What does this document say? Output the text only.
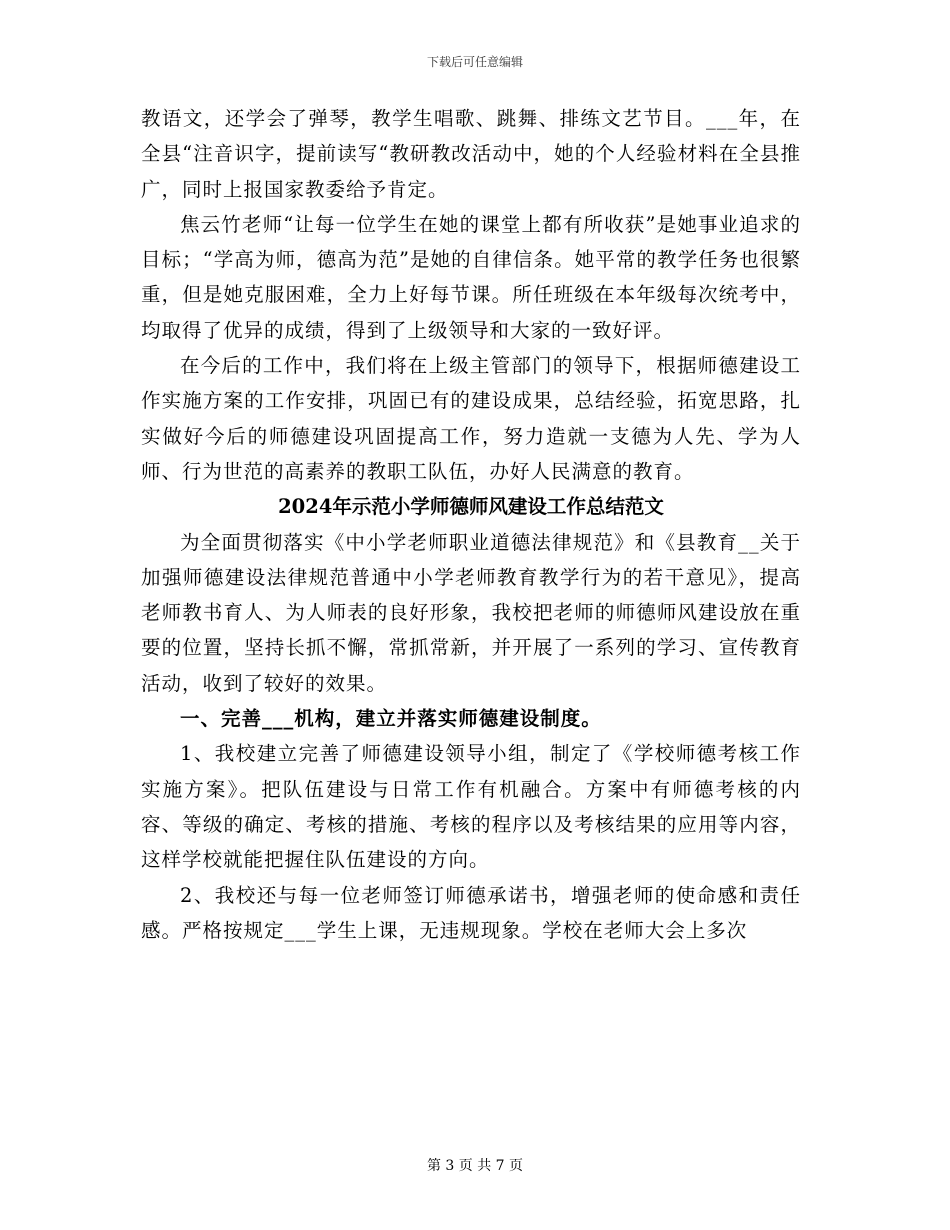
下载后可任意编辑

教语文，还学会了弹琴，教学生唱歌、跳舞、排练文艺节目。___年，在全县“注音识字，提前读写“教研教改活动中，她的个人经验材料在全县推广，同时上报国家教委给予肯定。

焦云竹老师“让每一位学生在她的课堂上都有所收获”是她事业追求的目标；“学高为师，德高为范”是她的自律信条。她平常的教学任务也很繁重，但是她克服困难，全力上好每节课。所任班级在本年级每次统考中，均取得了优异的成绩，得到了上级领导和大家的一致好评。

在今后的工作中，我们将在上级主管部门的领导下，根据师德建设工作实施方案的工作安排，巩固已有的建设成果，总结经验，拓宽思路，扎实做好今后的师德建设巩固提高工作，努力造就一支德为人先、学为人师、行为世范的高素养的教职工队伍，办好人民满意的教育。

2024年示范小学师德师风建设工作总结范文

为全面贯彻落实《中小学老师职业道德法律规范》和《县教育__关于加强师德建设法律规范普通中小学老师教育教学行为的若干意见》，提高老师教书育人、为人师表的良好形象，我校把老师的师德师风建设放在重要的位置，坚持长抓不懈，常抓常新，并开展了一系列的学习、宣传教育活动，收到了较好的效果。

一、完善___机构，建立并落实师德建设制度。

1、我校建立完善了师德建设领导小组，制定了《学校师德考核工作实施方案》。把队伍建设与日常工作有机融合。方案中有师德考核的内容、等级的确定、考核的措施、考核的程序以及考核结果的应用等内容，这样学校就能把握住队伍建设的方向。

2、我校还与每一位老师签订师德承诺书，增强老师的使命感和责任感。严格按规定___学生上课，无违规现象。学校在老师大会上多次

第 3 页 共 7 页
